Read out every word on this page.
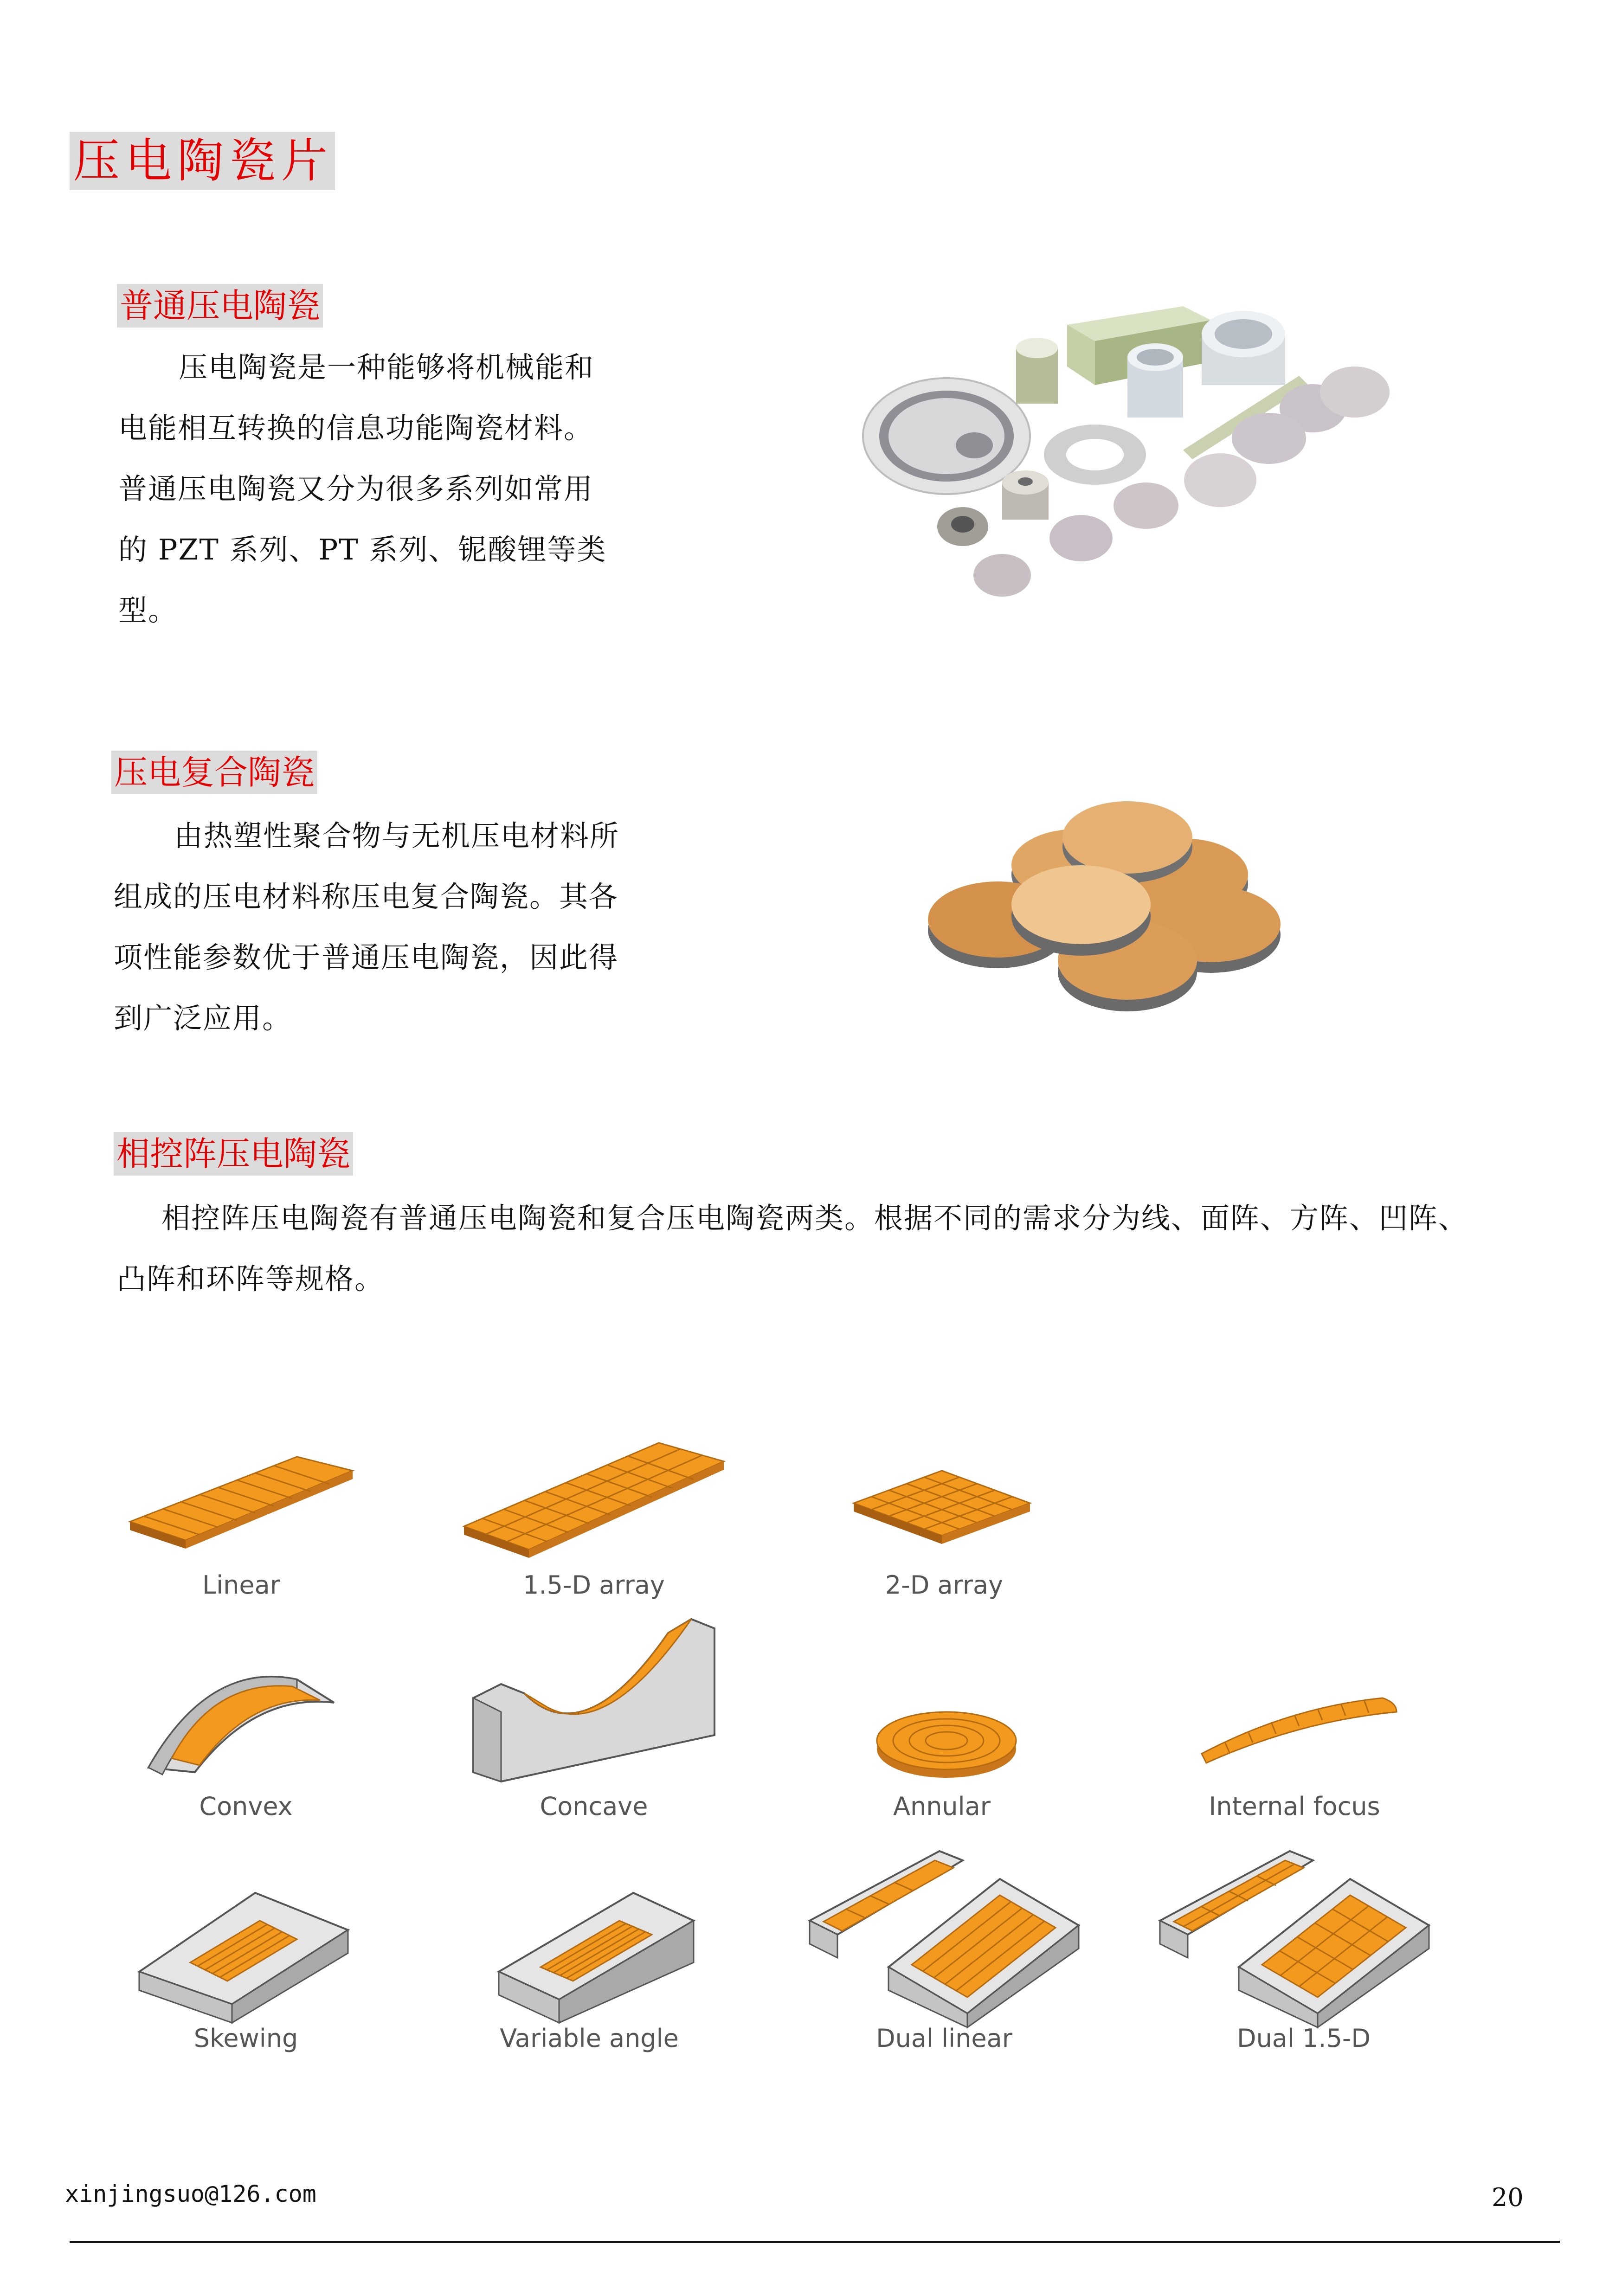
压电陶瓷片
普通压电陶瓷

压电陶瓷是一种能够将机械能和

电能相互转换的信息功能陶瓷材料。

普通压电陶瓷又分为很多系列如常用

的 PZT 系列、PT 系列、铌酸锂等类

型。

压电复合陶瓷

由热塑性聚合物与无机压电材料所

组成的压电材料称压电复合陶瓷。其各

项性能参数优于普通压电陶瓷，因此得

到广泛应用。

相控阵压电陶瓷

相控阵压电陶瓷有普通压电陶瓷和复合压电陶瓷两类。根据不同的需求分为线、面阵、方阵、凹阵、

凸阵和环阵等规格。

Linear	1.5-D array	2-D array
Convex	Concave	Annular	Internal focus
Skewing	Variable angle	Dual linear	Dual 1.5-D
xinjingsuo@126.com	20
